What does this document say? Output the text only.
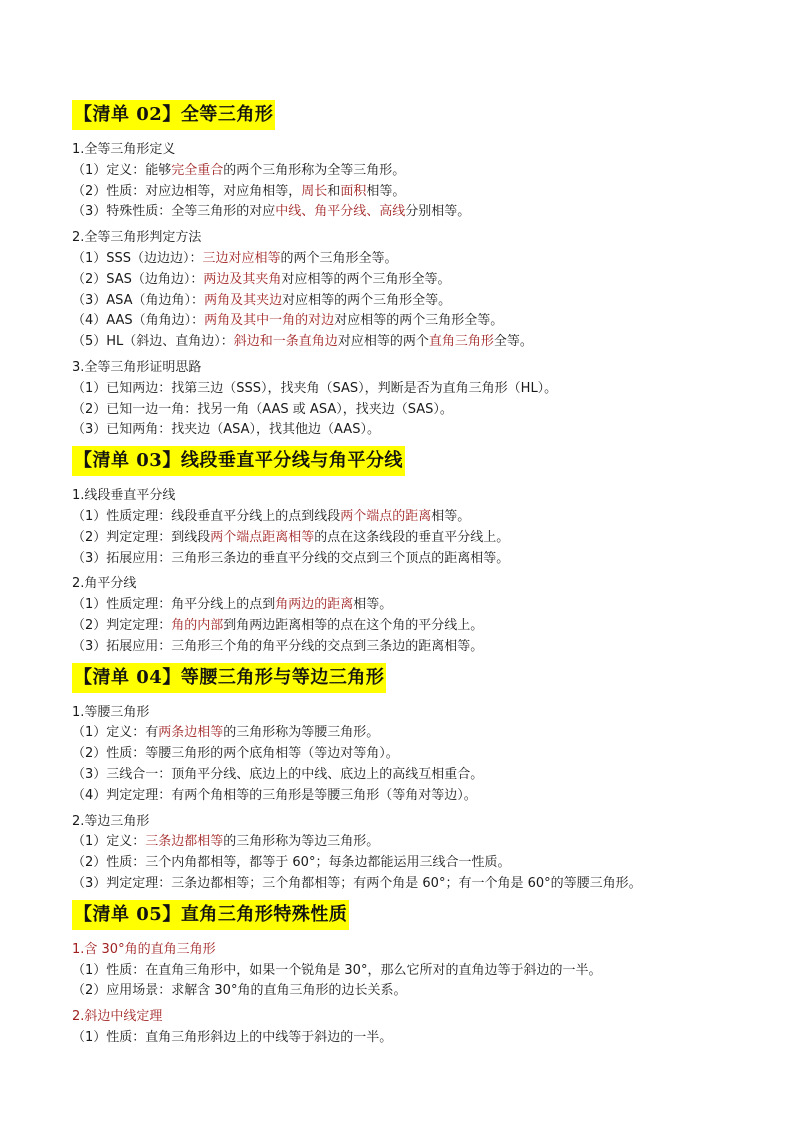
【清单 02】全等三角形
1.全等三角形定义
（1）定义：能够完全重合的两个三角形称为全等三角形。
（2）性质：对应边相等，对应角相等，周长和面积相等。
（3）特殊性质：全等三角形的对应中线、角平分线、高线分别相等。
2.全等三角形判定方法
（1）SSS（边边边）：三边对应相等的两个三角形全等。
（2）SAS（边角边）：两边及其夹角对应相等的两个三角形全等。
（3）ASA（角边角）：两角及其夹边对应相等的两个三角形全等。
（4）AAS（角角边）：两角及其中一角的对边对应相等的两个三角形全等。
（5）HL（斜边、直角边）：斜边和一条直角边对应相等的两个直角三角形全等。
3.全等三角形证明思路
（1）已知两边：找第三边（SSS），找夹角（SAS），判断是否为直角三角形（HL）。
（2）已知一边一角：找另一角（AAS 或 ASA），找夹边（SAS）。
（3）已知两角：找夹边（ASA），找其他边（AAS）。
【清单 03】线段垂直平分线与角平分线
1.线段垂直平分线
（1）性质定理：线段垂直平分线上的点到线段两个端点的距离相等。
（2）判定定理：到线段两个端点距离相等的点在这条线段的垂直平分线上。
（3）拓展应用：三角形三条边的垂直平分线的交点到三个顶点的距离相等。
2.角平分线
（1）性质定理：角平分线上的点到角两边的距离相等。
（2）判定定理：角的内部到角两边距离相等的点在这个角的平分线上。
（3）拓展应用：三角形三个角的角平分线的交点到三条边的距离相等。
【清单 04】等腰三角形与等边三角形
1.等腰三角形
（1）定义：有两条边相等的三角形称为等腰三角形。
（2）性质：等腰三角形的两个底角相等（等边对等角）。
（3）三线合一：顶角平分线、底边上的中线、底边上的高线互相重合。
（4）判定定理：有两个角相等的三角形是等腰三角形（等角对等边）。
2.等边三角形
（1）定义：三条边都相等的三角形称为等边三角形。
（2）性质：三个内角都相等，都等于 60°；每条边都能运用三线合一性质。
（3）判定定理：三条边都相等；三个角都相等；有两个角是 60°；有一个角是 60°的等腰三角形。
【清单 05】直角三角形特殊性质
1.含 30°角的直角三角形
（1）性质：在直角三角形中，如果一个锐角是 30°，那么它所对的直角边等于斜边的一半。
（2）应用场景：求解含 30°角的直角三角形的边长关系。
2.斜边中线定理
（1）性质：直角三角形斜边上的中线等于斜边的一半。
